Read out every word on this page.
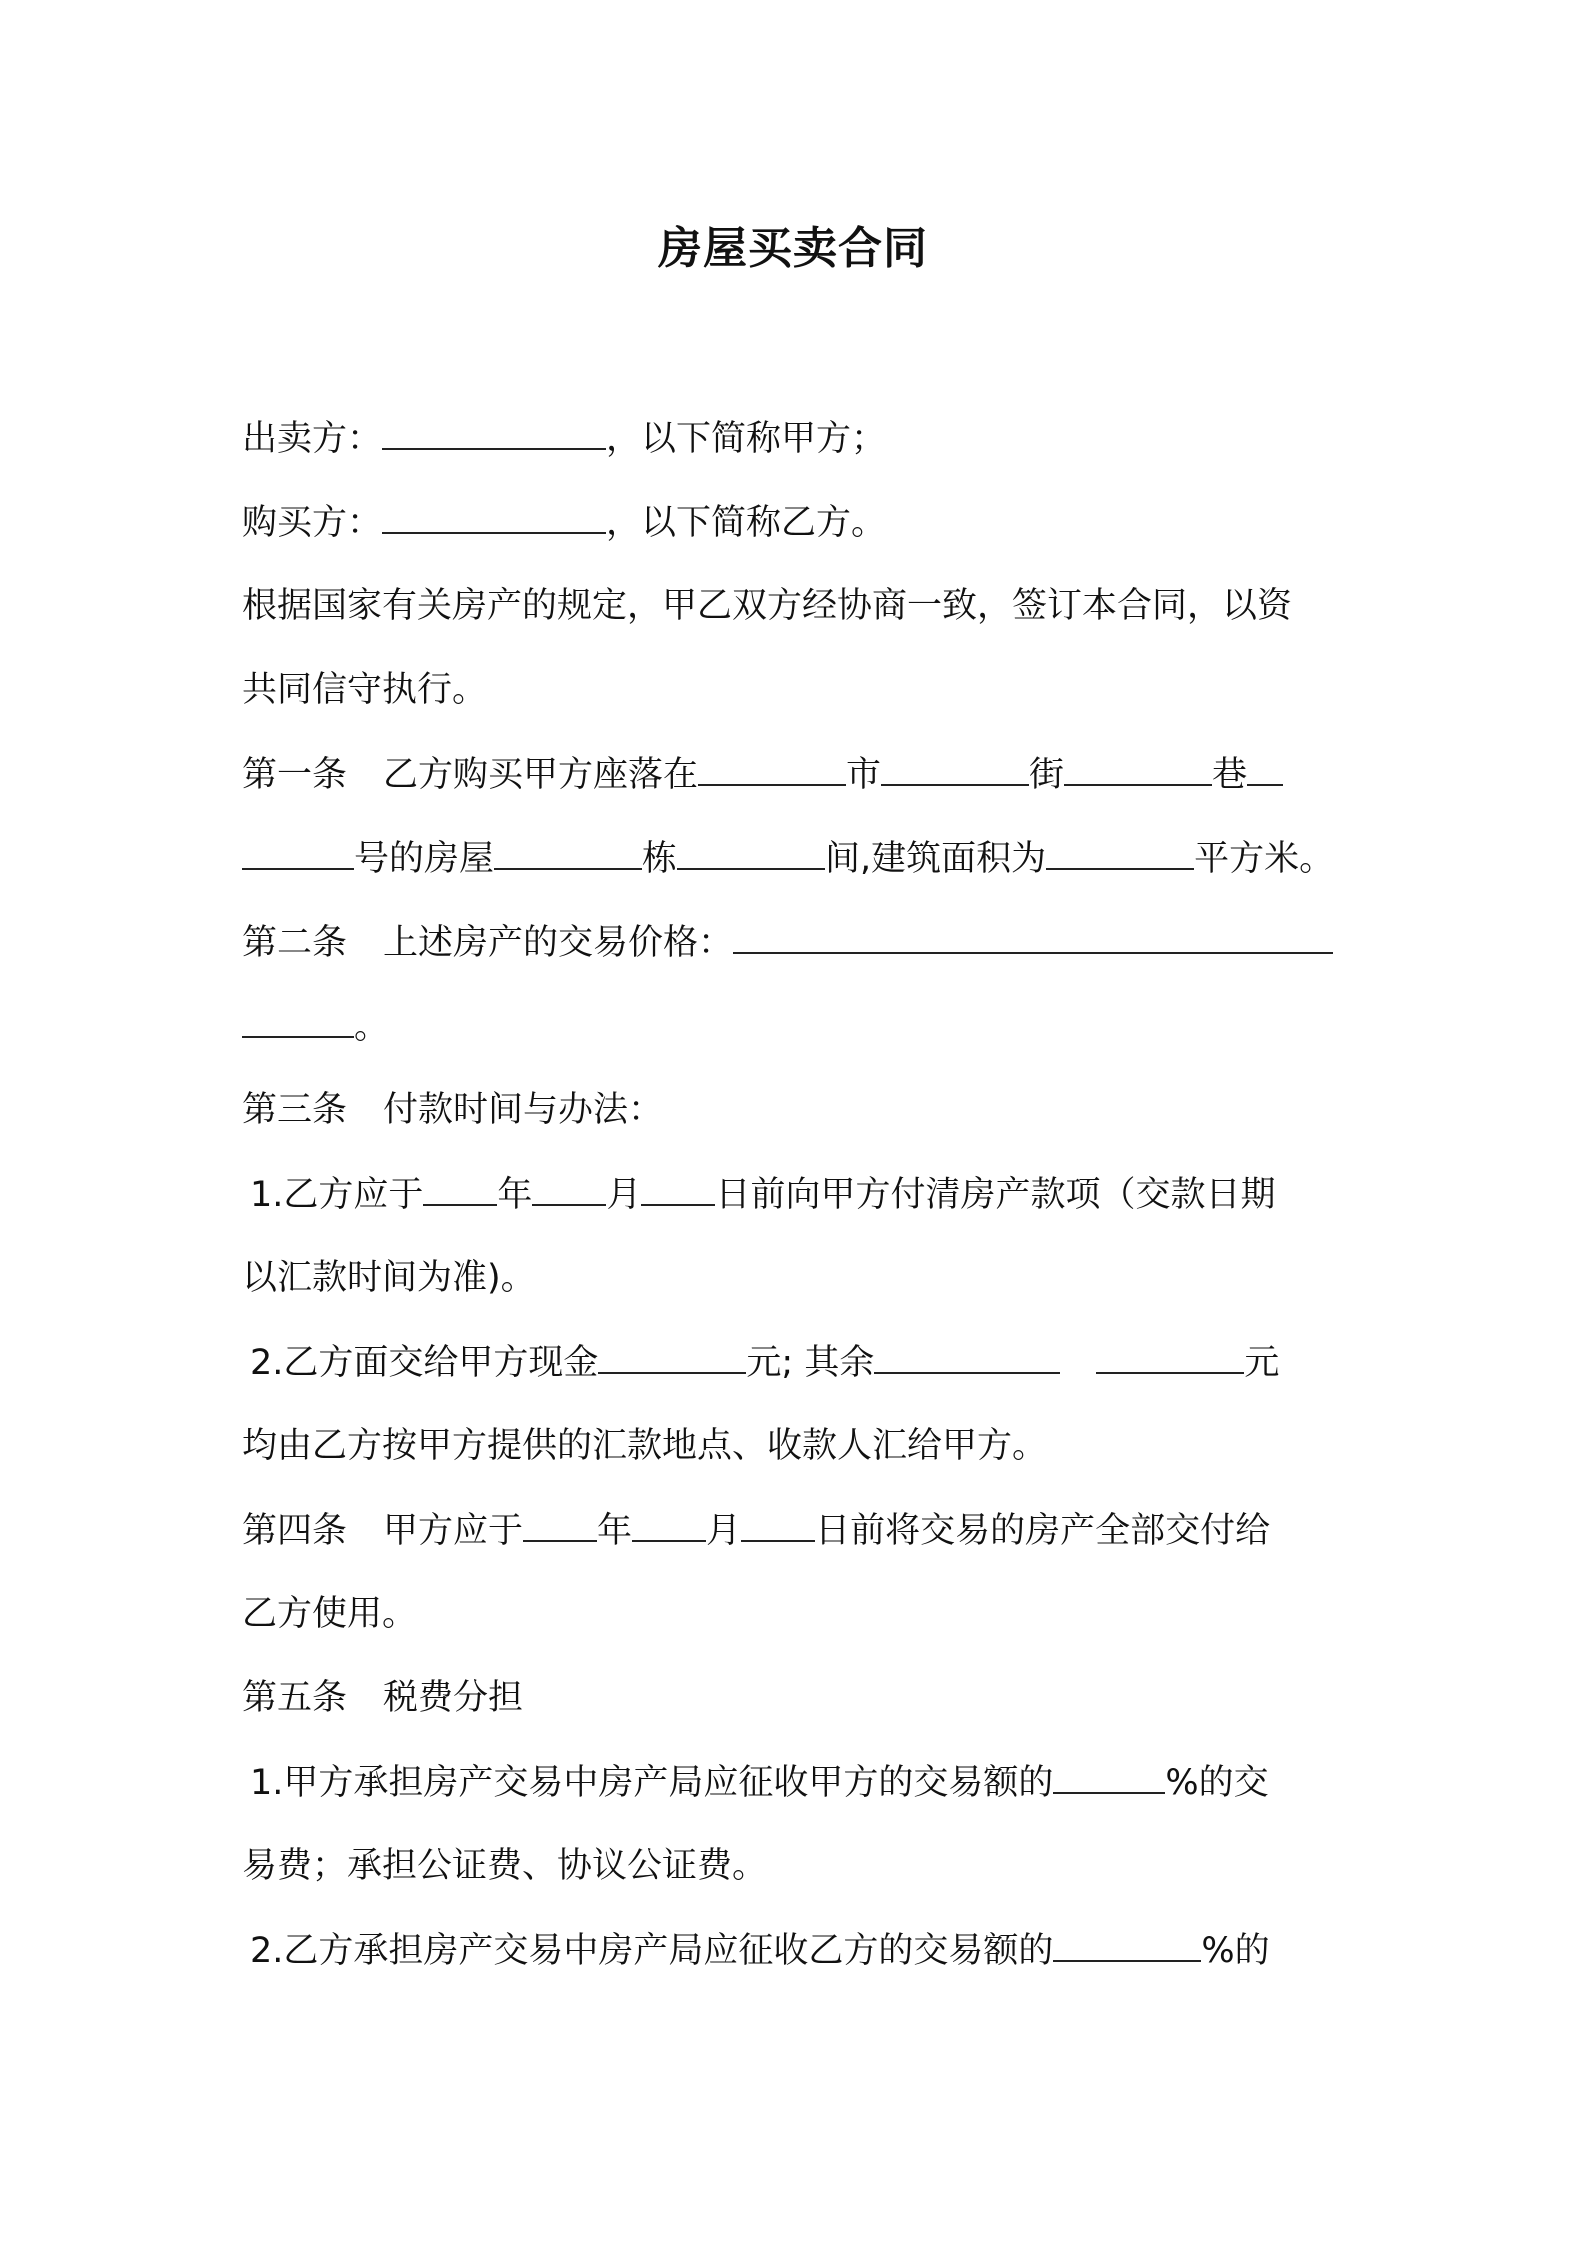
房屋买卖合同
出卖方：	，以下简称甲方；
购买方：	，以下简称乙方。
根据国家有关房产的规定，甲乙双方经协商一致，签订本合同，以资
共同信守执行。
第一条 乙方购买甲方座落在	市	街	巷
号的房屋	栋	间,建筑面积为	平方米。
第二条 上述房产的交易价格：
。
第三条 付款时间与办法：
1.乙方应于 年 月 日前向甲方付清房产款项（交款日期
以汇款时间为准)。
2.乙方面交给甲方现金	元; 其余	元
均由乙方按甲方提供的汇款地点、收款人汇给甲方。
第四条 甲方应于 年 月 日前将交易的房产全部交付给
乙方使用。
第五条 税费分担
1.甲方承担房产交易中房产局应征收甲方的交易额的	%的交
易费；承担公证费、协议公证费。
2.乙方承担房产交易中房产局应征收乙方的交易额的	%的
